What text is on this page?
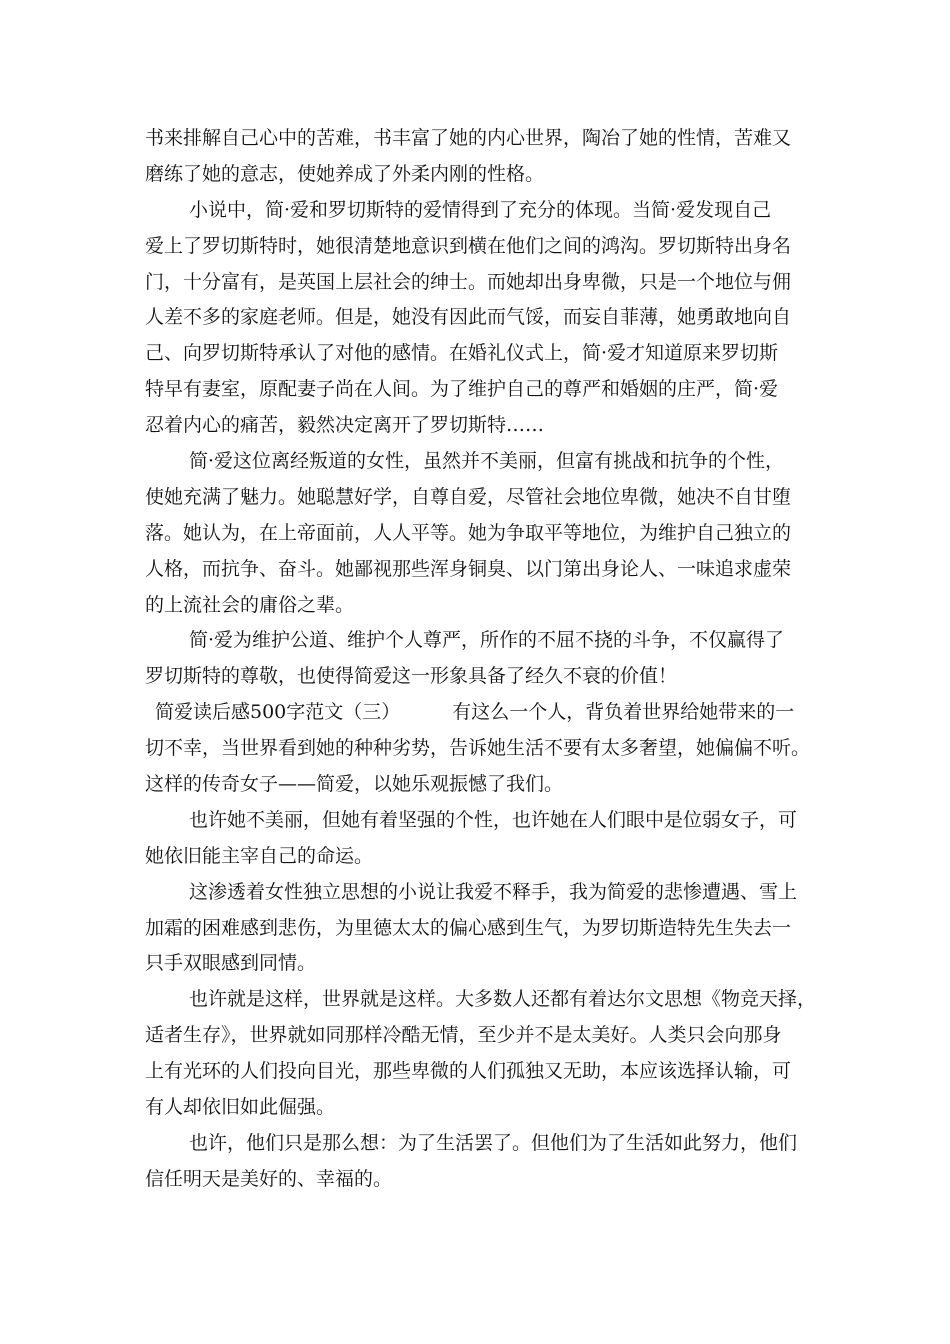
书来排解自己心中的苦难，书丰富了她的内心世界，陶冶了她的性情，苦难又
磨练了她的意志，使她养成了外柔内刚的性格。
小说中，简·爱和罗切斯特的爱情得到了充分的体现。当简·爱发现自己
爱上了罗切斯特时，她很清楚地意识到横在他们之间的鸿沟。罗切斯特出身名
门，十分富有，是英国上层社会的绅士。而她却出身卑微，只是一个地位与佣
人差不多的家庭老师。但是，她没有因此而气馁，而妄自菲薄，她勇敢地向自
己、向罗切斯特承认了对他的感情。在婚礼仪式上，简·爱才知道原来罗切斯
特早有妻室，原配妻子尚在人间。为了维护自己的尊严和婚姻的庄严，简·爱
忍着内心的痛苦，毅然决定离开了罗切斯特……
简·爱这位离经叛道的女性，虽然并不美丽，但富有挑战和抗争的个性，
使她充满了魅力。她聪慧好学，自尊自爱，尽管社会地位卑微，她决不自甘堕
落。她认为，在上帝面前，人人平等。她为争取平等地位，为维护自己独立的
人格，而抗争、奋斗。她鄙视那些浑身铜臭、以门第出身论人、一味追求虚荣
的上流社会的庸俗之辈。
简·爱为维护公道、维护个人尊严，所作的不屈不挠的斗争，不仅赢得了
罗切斯特的尊敬，也使得简爱这一形象具备了经久不衰的价值！
简爱读后感500字范文（三）	有这么一个人，背负着世界给她带来的一
切不幸，当世界看到她的种种劣势，告诉她生活不要有太多奢望，她偏偏不听。
这样的传奇女子——简爱，以她乐观振憾了我们。
也许她不美丽，但她有着坚强的个性，也许她在人们眼中是位弱女子，可
她依旧能主宰自己的命运。
这渗透着女性独立思想的小说让我爱不释手，我为简爱的悲惨遭遇、雪上
加霜的困难感到悲伤，为里德太太的偏心感到生气，为罗切斯造特先生失去一
只手双眼感到同情。
也许就是这样，世界就是这样。大多数人还都有着达尔文思想《物竞天择，
适者生存》，世界就如同那样冷酷无情，至少并不是太美好。人类只会向那身
上有光环的人们投向目光，那些卑微的人们孤独又无助，本应该选择认输，可
有人却依旧如此倔强。
也许，他们只是那么想：为了生活罢了。但他们为了生活如此努力，他们
信任明天是美好的、幸福的。
